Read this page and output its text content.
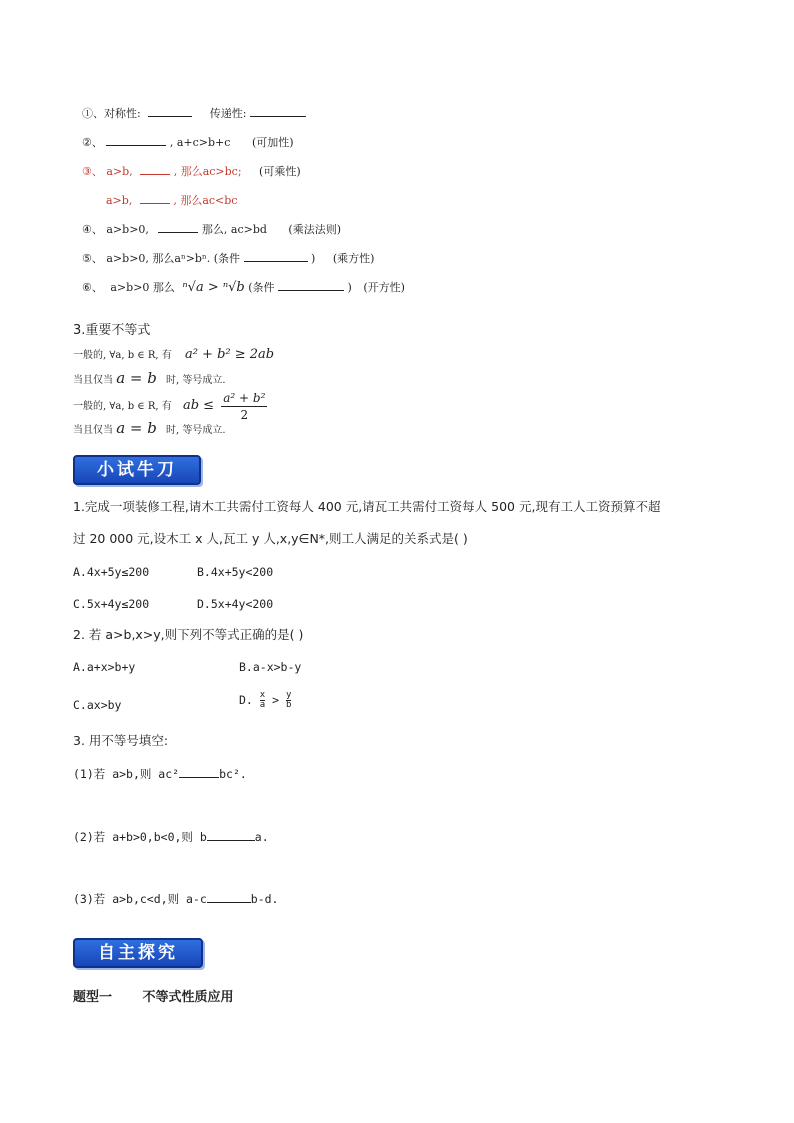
①、对称性:	传递性:
②、	, a+c>b+c (可加性)
③、 a>b,	, 那么ac>bc; (可乘性)
a>b,	, 那么ac<bc
④、 a>b>0,	那么, ac>bd (乘法法则)
⑤、 a>b>0, 那么aⁿ>bⁿ. (条件	) (乘方性)
⑥、 a>b>0 那么 ⁿ√a > ⁿ√b (条件	) (开方性)
3.重要不等式
一般的, ∀a, b ∈ R, 有 a² + b² ≥ 2ab
当且仅当 a = b 时, 等号成立.
一般的, ∀a, b ∈ R, 有 ab ≤ $\frac{\text{a² + b²}}{2}$
当且仅当 a = b 时, 等号成立.
小试牛刀
1.完成一项装修工程,请木工共需付工资每人 400 元,请瓦工共需付工资每人 500 元,现有工人工资预算不超
过 20 000 元,设木工 x 人,瓦工 y 人,x,y∈N*,则工人满足的关系式是( )
A.4x+5y≤200	B.4x+5y<200
C.5x+4y≤200	D.5x+4y<200
2. 若 a>b,x>y,则下列不等式正确的是( )
A.a+x>b+y	B.a-x>b-y
C.ax>by	D. $\frac{x}{a} > \frac{y}{b}$
3. 用不等号填空:
(1)若 a>b,则 ac²	bc².
(2)若 a+b>0,b<0,则 b	a.
(3)若 a>b,c<d,则 a-c	b-d.
自主探究
题型一 不等式性质应用
